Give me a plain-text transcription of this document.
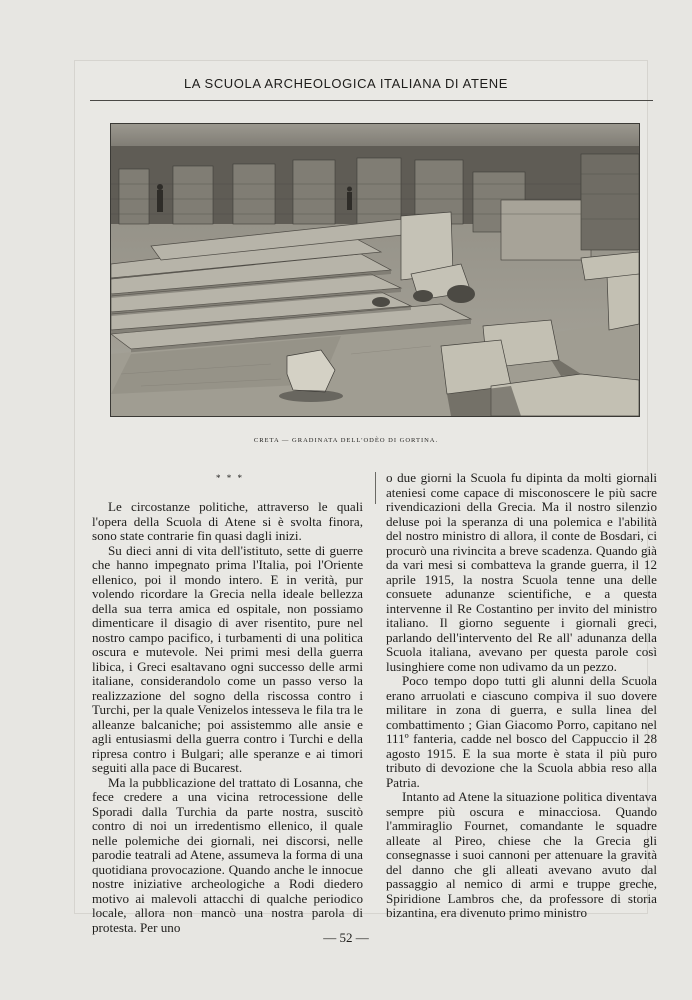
LA SCUOLA ARCHEOLOGICA ITALIANA DI ATENE
CRETA — GRADINATA DELL'ODÈO DI GORTINA.
* * *

Le circostanze politiche, attraverso le quali l'opera della Scuola di Atene si è svolta finora, sono state contrarie fin quasi dagli inizi.

Su dieci anni di vita dell'istituto, sette di guerre che hanno impegnato prima l'Italia, poi l'Oriente ellenico, poi il mondo intero. E in verità, pur volendo ricordare la Grecia nella ideale bellezza della sua terra amica ed ospitale, non possiamo dimenticare il disagio di aver risentito, pure nel nostro campo pacifico, i turbamenti di una politica oscura e mutevole. Nei primi mesi della guerra libica, i Greci esaltavano ogni successo delle armi italiane, considerandolo come un passo verso la realizzazione del sogno della riscossa contro i Turchi, per la quale Venizelos intesseva le fila tra le alleanze balcaniche; poi assistemmo alle ansie e agli entusiasmi della guerra contro i Turchi e della ripresa contro i Bulgari; alle speranze e ai timori seguiti alla pace di Bucarest.

Ma la pubblicazione del trattato di Losanna, che fece credere a una vicina retrocessione delle Sporadi dalla Turchia da parte nostra, suscitò contro di noi un irredentismo ellenico, il quale nelle polemiche dei giornali, nei discorsi, nelle parodie teatrali ad Atene, assumeva la forma di una quotidiana provocazione. Quando anche le innocue nostre iniziative archeologiche a Rodi diedero motivo ai malevoli attacchi di qualche periodico locale, allora non mancò una nostra parola di protesta. Per uno

o due giorni la Scuola fu dipinta da molti giornali ateniesi come capace di misconoscere le più sacre rivendicazioni della Grecia. Ma il nostro silenzio deluse poi la speranza di una polemica e l'abilità del nostro ministro di allora, il conte de Bosdari, ci procurò una rivincita a breve scadenza. Quando già da vari mesi si combatteva la grande guerra, il 12 aprile 1915, la nostra Scuola tenne una delle consuete adunanze scientifiche, e a questa intervenne il Re Costantino per invito del ministro italiano. Il giorno seguente i giornali greci, parlando dell'intervento del Re all' adunanza della Scuola italiana, avevano per questa parole così lusinghiere come non udivamo da un pezzo.

Poco tempo dopo tutti gli alunni della Scuola erano arruolati e ciascuno compiva il suo dovere militare in zona di guerra, e sulla linea del combattimento ; Gian Giacomo Porro, capitano nel 111º fanteria, cadde nel bosco del Cappuccio il 28 agosto 1915. E la sua morte è stata il più puro tributo di devozione che la Scuola abbia reso alla Patria.

Intanto ad Atene la situazione politica diventava sempre più oscura e minacciosa. Quando l'ammiraglio Fournet, comandante le squadre alleate al Pireo, chiese che la Grecia gli consegnasse i suoi cannoni per attenuare la gravità del danno che gli alleati avevano avuto dal passaggio al nemico di armi e truppe greche, Spiridione Lambros che, da professore di storia bizantina, era divenuto primo ministro

— 52 —
